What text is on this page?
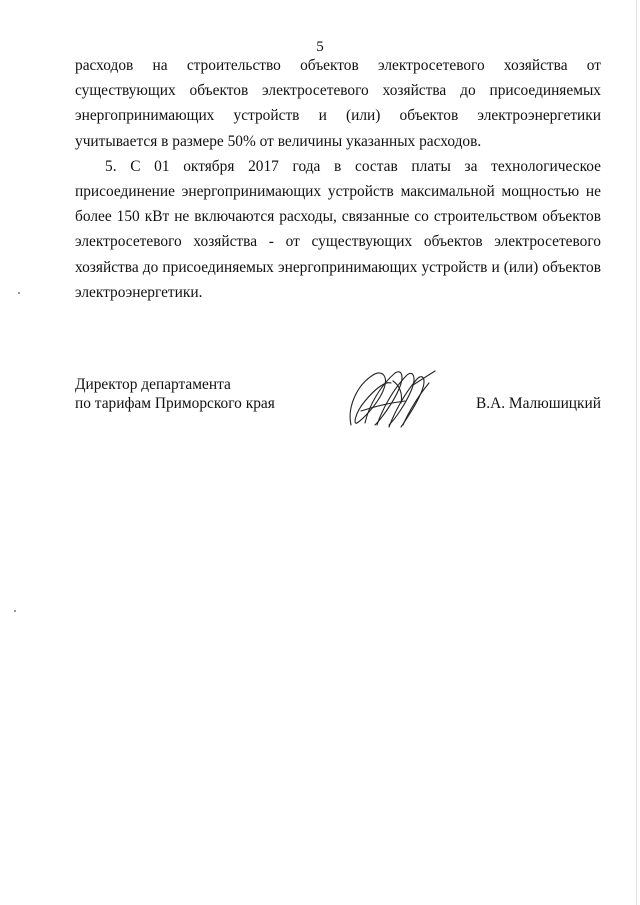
5

расходов на строительство объектов электросетевого хозяйства от существующих объектов электросетевого хозяйства до присоединяемых энергопринимающих устройств и (или) объектов электроэнергетики учитывается в размере 50% от величины указанных расходов.

5. С 01 октября 2017 года в состав платы за технологическое присоединение энергопринимающих устройств максимальной мощностью не более 150 кВт не включаются расходы, связанные со строительством объектов электросетевого хозяйства - от существующих объектов электросетевого хозяйства до присоединяемых энергопринимающих устройств и (или) объектов электроэнергетики.

Директор департамента
по тарифам Приморского края	В.А. Малюшицкий
